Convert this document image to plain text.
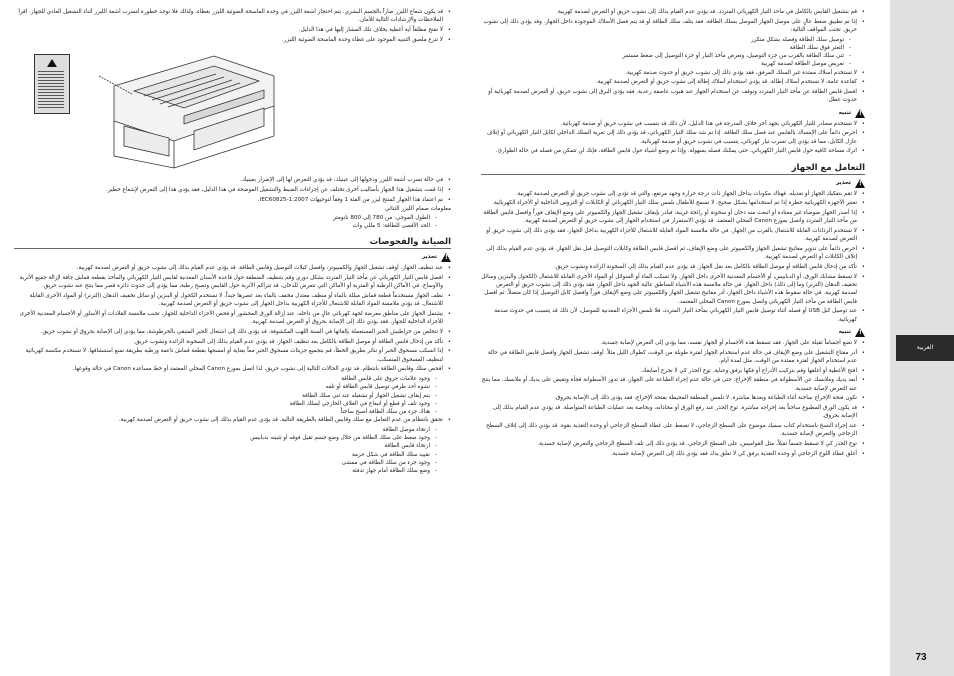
• قد يكون شعاع الليزر ضاراً بالجسم البشري. يتم احتجاز أشعة الليزر في وحدة الماسحة الضوئية الليزر بغطاء، ولذلك فلا توجد خطورة لتسرب أشعة الليزر أثناء التشغيل العادي للجهاز. اقرأ الملاحظات والإرشادات التالية للأمان.
• لا تفتح مطلقاً أية أغطية بخلاف تلك المشار إليها في هذا الدليل.
• لا تنزع ملصق التنبيه الموجود على غطاء وحدة الماسحة الضوئية الليزر.
• في حالة تسرب أشعة الليزر ودخولها إلى عينيك، قد يؤدي التعرض لها إلى الإضرار بعينيك.
• إذا قمت بتشغيل هذا الجهاز بأساليب أخرى تختلف عن إجراءات الضبط والتشغيل الموضحة في هذا الدليل، فقد يؤدي هذا إلى التعرض لإشعاع خطير.
• تم اعتماد هذا الجهاز كمنتج ليزر من الفئة 1 وفقاً لتوجيهات IEC60825-1:2007.
معلومات صمام الليزر الثنائي
- الطول الموجي: من 780 إلى 800 نانومتر
- الحد الأقصى للطاقة: 5 مللي وات
الصيانة والفحوصات
!
تحذير
• عند تنظيف الجهاز، أوقف تشغيل الجهاز والكمبيوتر، وافصل كبلات التوصيل وقابس الطاقة. قد يؤدي عدم القيام بذلك إلى نشوب حريق أو التعرض لصدمة كهربية.
• افصل قابس التيار الكهربائي عن مأخذ التيار المتردد بشكل دوري وقم بتنظيف المنطقة حول قاعدة الأسنان المعدنية لقابس التيار الكهربائي والمأخذ بقطعة قماش جافة لإزالة جميع الأتربة والأوساخ. في الأماكن الرطبة أو المتربة أو الأماكن التي تتعرض للدخان، قد تتراكم الأتربة حول القابس وتصبح رطبة، مما يؤدي إلى حدوث دائرة قصر مما ينتج عنه نشوب حريق.
• نظف الجهاز مستخدماً قطعة قماش مبللة بالماء أو منظف معتدل مخفف بالماء بعد عصرها جيداً. لا تستخدم الكحول أو البنزين أو سائل تخفيف الدهان (الترنر) أو المواد الأخرى القابلة للاشتعال. قد يؤدي ملامسة المواد القابلة للاشتعال للأجزاء الكهربية بداخل الجهاز إلى نشوب حريق أو التعرض لصدمة كهربية.
• يشتمل الجهاز على مناطق معرضة لجهد كهربائي عالٍ من داخله. عند إزالة الورق المحشور أو فحص الأجزاء الداخلية للجهاز، تجنب ملامسة القلادات أو الأساور أو الأجسام المعدنية الأخرى للأجزاء الداخلية للجهاز، فقد يؤدي ذلك إلى الإصابة بحروق أو التعرض لصدمة كهربية.
• لا تتخلص من خراطيش الحبر المستعملة بإلقائها في ألسنة اللهب المكشوفة. قد يؤدي ذلك إلى اشتعال الحبر المتبقي بالخرطوشة، مما يؤدي إلى الإصابة بحروق أو نشوب حريق.
• تأكد من إدخال قابس الطاقة أو موصل الطاقة بالكامل بعد تنظيف الجهاز. قد يؤدي عدم القيام بذلك إلى السخونة الزائدة ونشوب حريق.
• إذا انسكب مسحوق الحبر أو تناثر بطريق الخطأ، قم بتجميع جزيئات مسحوق الحبر معاً بعناية أو امسحها بقطعة قماش ناعمة ورطبة بطريقة تمنع استنشاقها. لا تستخدم مكنسة كهربائية لتنظيف المسحوق المنسكب.
• افحص سلك وقابس الطاقة بانتظام. قد تؤدي الحالات التالية إلى نشوب حريق، لذا اتصل بموزع Canon المحلي المعتمد أو خط مساعدة Canon في حالة وقوعها.
- وجود علامات حروق على قابس الطاقة
- تشوه أحد طرفي توصيل قابس الطاقة أو تلفه
- يتم إيقاف تشغيل الجهاز أو تشغيله عند ثني سلك الطاقة
- وجود تلف أو قطع أو انبعاج في الغلاف الخارجي لسلك الطاقة
- هناك جزء من سلك الطاقة أصبح ساخناً
• تحقق بانتظام من عدم التعامل مع سلك وقابس الطاقة بالطريقة التالية. قد يؤدي عدم القيام بذلك إلى نشوب حريق أو التعرض لصدمة كهربية.
- ارتخاء موصل الطاقة
- وجود ضغط على سلك الطاقة من خلال وضع جسم ثقيل فوقه أو تثبيته بدبابيس
- ارتخاء قابس الطاقة
- تقييد سلك الطاقة في شكل حزمة
- وجود جزء من سلك الطاقة في ممشى
- وضع سلك الطاقة أمام جهاز تدفئة
• قم بتشغيل القابس بالكامل في مأخذ التيار الكهربائي المتردد. قد يؤدي عدم القيام بذلك إلى نشوب حريق أو التعرض لصدمة كهربية.
• إذا تم تطبيق ضغط عالٍ على موصل الجهاز الموصل بسلك الطاقة، فقد يتلف سلك الطاقة أو قد يتم فصل الأسلاك الموجودة داخل الجهاز. وقد يؤدي ذلك إلى نشوب حريق. تجنب المواقف التالية:
- توصيل سلك الطاقة وفصله بشكل متكرر
- التعثر فوق سلك الطاقة
- ثني سلك الطاقة بالقرب من جزء التوصيل، وتعرض مأخذ التيار أو جزء التوصيل إلى ضغط مستمر
- تعريض موصل الطاقة لصدمة كهربية
• لا تستخدم أسلاك ممتدة غير السلك المرفق، فقد يؤدي ذلك إلى نشوب حريق أو حدوث صدمة كهربية.
• كقاعدة عامة، لا تستخدم أسلاك إطالة. قد يؤدي استخدام أسلاك إطالة إلى نشوب حريق أو التعرض لصدمة كهربية.
• افصل قابس الطاقة عن مأخذ التيار المتردد وتوقف عن استخدام الجهاز عند هبوب عاصفة رعدية. فقد يؤدي البرق إلى نشوب حريق، أو التعرض لصدمة كهربائية أو حدوث عطل.
!
تنبيه
• لا تستخدم مصادر للتيار الكهربائي بجهد آخر خلاف المدرجة في هذا الدليل، لأن ذلك قد يتسبب في نشوب حريق أو صدمة كهربائية.
• احرص دائماً على الإمساك بالقابس عند فصل سلك الطاقة. إذا تم شد سلك التيار الكهربائي، قد يؤدي ذلك إلى تعرية السلك الداخلي لكابل التيار الكهربائي أو إتلاف عازل الكابل، مما قد يؤدي إلى تسرب تيار كهربائي، يتسبب في نشوب حريق أو صدمة كهربائية.
• اترك مساحة كافية حول قابس التيار الكهربائي، حتى يمكنك فصله بسهولة. وإذا تم وضع أشياء حول قابس الطاقة، فإنك لن تتمكن من فصله في حالة الطوارئ.
التعامل مع الجهاز
!
تحذير
• لا تقم بتفكيك الجهاز أو تعديله. فهناك مكونات بداخل الجهاز ذات درجة حرارة وجهد مرتفع، والتي قد تؤدي إلى نشوب حريق أو التعرض لصدمة كهربية.
• تعتبر الأجهزة الكهربائية خطرة إذا تم استخدامها بشكل صحيح. لا تسمح للأطفال بلمس سلك التيار الكهربائي أو الكابلات أو التروس الداخلية أو الأجزاء الكهربائية.
• إذا أصدر الجهاز ضوضاء غير معتادة أو انبعث منه دخان أو سخونة أو رائحة غريبة، فبادر بإيقاف تشغيل الجهاز والكمبيوتر على وضع الإيقاف فوراً وافصل قابس الطاقة من مأخذ التيار المتردد واتصل بموزع Canon المحلي المعتمد. قد يؤدي الاستمرار في استخدام الجهاز إلى نشوب حريق أو التعرض لصدمة كهربية.
• لا تستخدم الرذاذات القابلة للاشتعال بالقرب من الجهاز. في حالة ملامسة المواد القابلة للاشتعال للأجزاء الكهربية بداخل الجهاز، فقد يؤدي ذلك إلى نشوب حريق أو التعرض لصدمة كهربية.
• احرص دائماً على تدوير مفاتيح تشغيل الجهاز والكمبيوتر على وضع الإيقاف، ثم افصل قابس الطاقة وكابلات التوصيل قبل نقل الجهاز. قد يؤدي عدم القيام بذلك إلى إتلاف الكابلات أو التعرض لصدمة كهربية.
• تأكد من إدخال قابس الطاقة أو موصل الطاقة بالكامل بعد نقل الجهاز. قد يؤدي عدم القيام بذلك إلى السخونة الزائدة ونشوب حريق.
• لا تسقط مشابك الورق، أو الدبابيس، أو الأجسام المعدنية الأخرى داخل الجهاز. ولا تسكب الماء أو السوائل أو المواد الأخرى القابلة للاشتعال (الكحول والبنزين وسائل تخفيف الدهان (الترنر) وما إلى ذلك) داخل الجهاز. في حالة ملامسة هذه الأشياء للمناطق عالية الجهد داخل الجهاز، فقد يؤدي ذلك إلى نشوب حريق أو التعرض لصدمة كهربية. في حالة سقوط هذه الأشياء داخل الجهاز، أدر مفاتيح تشغيل الجهاز والكمبيوتر على وضع الإيقاف فوراً وافصل كابل التوصيل إذا كان متصلاً. ثم افصل قابس الطاقة من مأخذ التيار الكهربائي واتصل بموزع Canon المحلي المعتمد.
• عند توصيل كبل USB أو فصله أثناء توصيل قابس التيار الكهربائي بمأخذ التيار المتردد، فلا تلمس الأجزاء المعدنية للموصل، لأن ذلك قد يتسبب في حدوث صدمة كهربائية.
!
تنبيه
• لا تضع أجساماً ثقيلة على الجهاز. فقد تسقط هذه الأجسام أو الجهاز نفسه، مما يؤدي إلى التعرض لإصابة جسدية.
• أدر مفتاح التشغيل على وضع الإيقاف في حالة عدم استخدام الجهاز لفترة طويلة من الوقت، كطوال الليل مثلاً. أوقف تشغيل الجهاز وافصل قابس الطاقة في حالة عدم استخدام الجهاز لفترة ممتدة من الوقت، مثل لمدة أيام.
• افتح الأغطية أو أغلقها وقم بتركيب الأدراج أو فكها برفق وعناية. توخ الحذر كي لا تجرح أصابعك.
• أبعد يديك وملابسك عن الأسطوانة في منطقة الإخراج. حتى في حالة عدم إجراء الطباعة على الجهاز، قد تدور الأسطوانة فجأة وتقبض على يديك أو ملابسك، مما ينتج عنه التعرض لإصابة جسدية.
• تكون فتحة الإخراج ساخنة أثناء الطباعة وبعدها مباشرة. لا تلمس المنطقة المحيطة بفتحة الإخراج، فقد يؤدي ذلك إلى الإصابة بحروق.
• قد يكون الورق المطبوع ساخناً بعد إخراجه مباشرة. توخ الحذر عند رفع الورق أو محاذاته، وبخاصة بعد عمليات الطباعة المتواصلة. قد يؤدي عدم القيام بذلك إلى الإصابة بحروق.
• عند إجراء النسخ باستخدام كتاب سميك موضوع على السطح الزجاجي، لا تضغط على غطاء السطح الزجاجي أو وحدة التغذية بقوة. قد يؤدي ذلك إلى إتلاف السطح الزجاجي والتعرض لإصابة جسدية.
• توخ الحذر كي لا تسقط جسماً ثقيلاً، مثل القواميس، على السطح الزجاجي. قد يؤدي ذلك إلى تلف السطح الزجاجي والتعرض لإصابة جسدية.
• أغلق غطاء اللوح الزجاجي أو وحدة التغذية برفق كي لا تعلق يدك فقد يؤدي ذلك إلى التعرض لإصابة جسدية.
العربية
73
